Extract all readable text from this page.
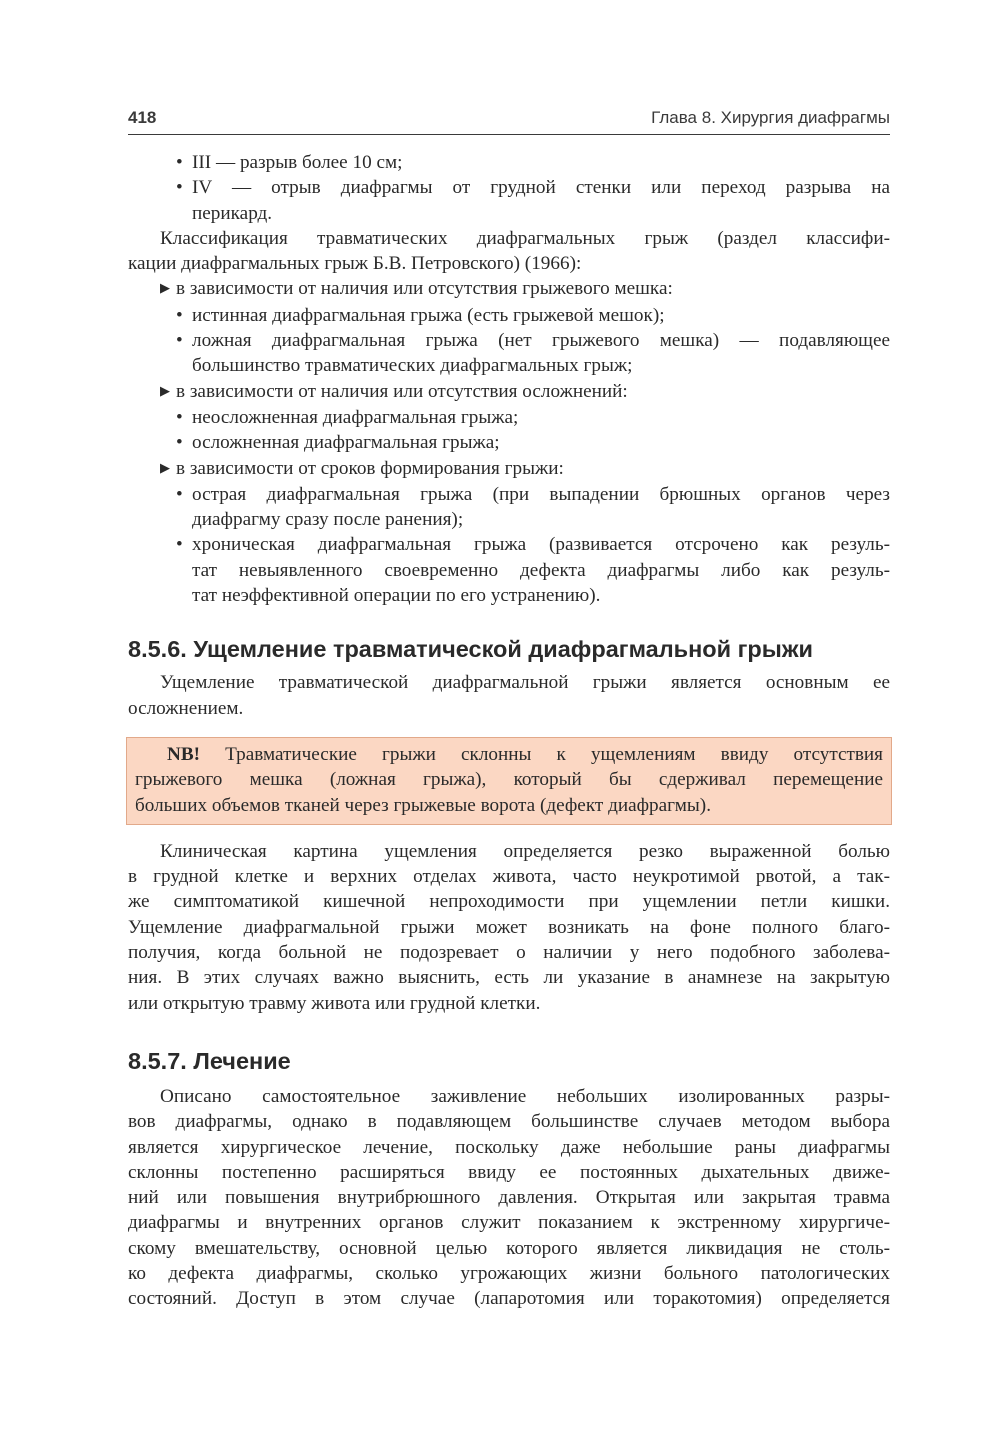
418	Глава 8. Хирургия диафрагмы
• III — разрыв более 10 см;
• IV — отрыв диафрагмы от грудной стенки или переход разрыва на
перикард.
Классификация травматических диафрагмальных грыж (раздел классифи-
кации диафрагмальных грыж Б.В. Петровского) (1966):
▶ в зависимости от наличия или отсутствия грыжевого мешка:
• истинная диафрагмальная грыжа (есть грыжевой мешок);
• ложная диафрагмальная грыжа (нет грыжевого мешка) — подавляющее
большинство травматических диафрагмальных грыж;
▶ в зависимости от наличия или отсутствия осложнений:
• неосложненная диафрагмальная грыжа;
• осложненная диафрагмальная грыжа;
▶ в зависимости от сроков формирования грыжи:
• острая диафрагмальная грыжа (при выпадении брюшных органов через
диафрагму сразу после ранения);
• хроническая диафрагмальная грыжа (развивается отсрочено как резуль-
тат невыявленного своевременно дефекта диафрагмы либо как резуль-
тат неэффективной операции по его устранению).
8.5.6. Ущемление травматической диафрагмальной грыжи
Ущемление травматической диафрагмальной грыжи является основным ее
осложнением.
NB! Травматические грыжи склонны к ущемлениям ввиду отсутствия
грыжевого мешка (ложная грыжа), который бы сдерживал перемещение
больших объемов тканей через грыжевые ворота (дефект диафрагмы).
Клиническая картина ущемления определяется резко выраженной болью
в грудной клетке и верхних отделах живота, часто неукротимой рвотой, а так-
же симптоматикой кишечной непроходимости при ущемлении петли кишки.
Ущемление диафрагмальной грыжи может возникать на фоне полного благо-
получия, когда больной не подозревает о наличии у него подобного заболева-
ния. В этих случаях важно выяснить, есть ли указание в анамнезе на закрытую
или открытую травму живота или грудной клетки.
8.5.7. Лечение
Описано самостоятельное заживление небольших изолированных разры-
вов диафрагмы, однако в подавляющем большинстве случаев методом выбора
является хирургическое лечение, поскольку даже небольшие раны диафрагмы
склонны постепенно расширяться ввиду ее постоянных дыхательных движе-
ний или повышения внутрибрюшного давления. Открытая или закрытая травма
диафрагмы и внутренних органов служит показанием к экстренному хирургиче-
скому вмешательству, основной целью которого является ликвидация не столь-
ко дефекта диафрагмы, сколько угрожающих жизни больного патологических
состояний. Доступ в этом случае (лапаротомия или торакотомия) определяется
